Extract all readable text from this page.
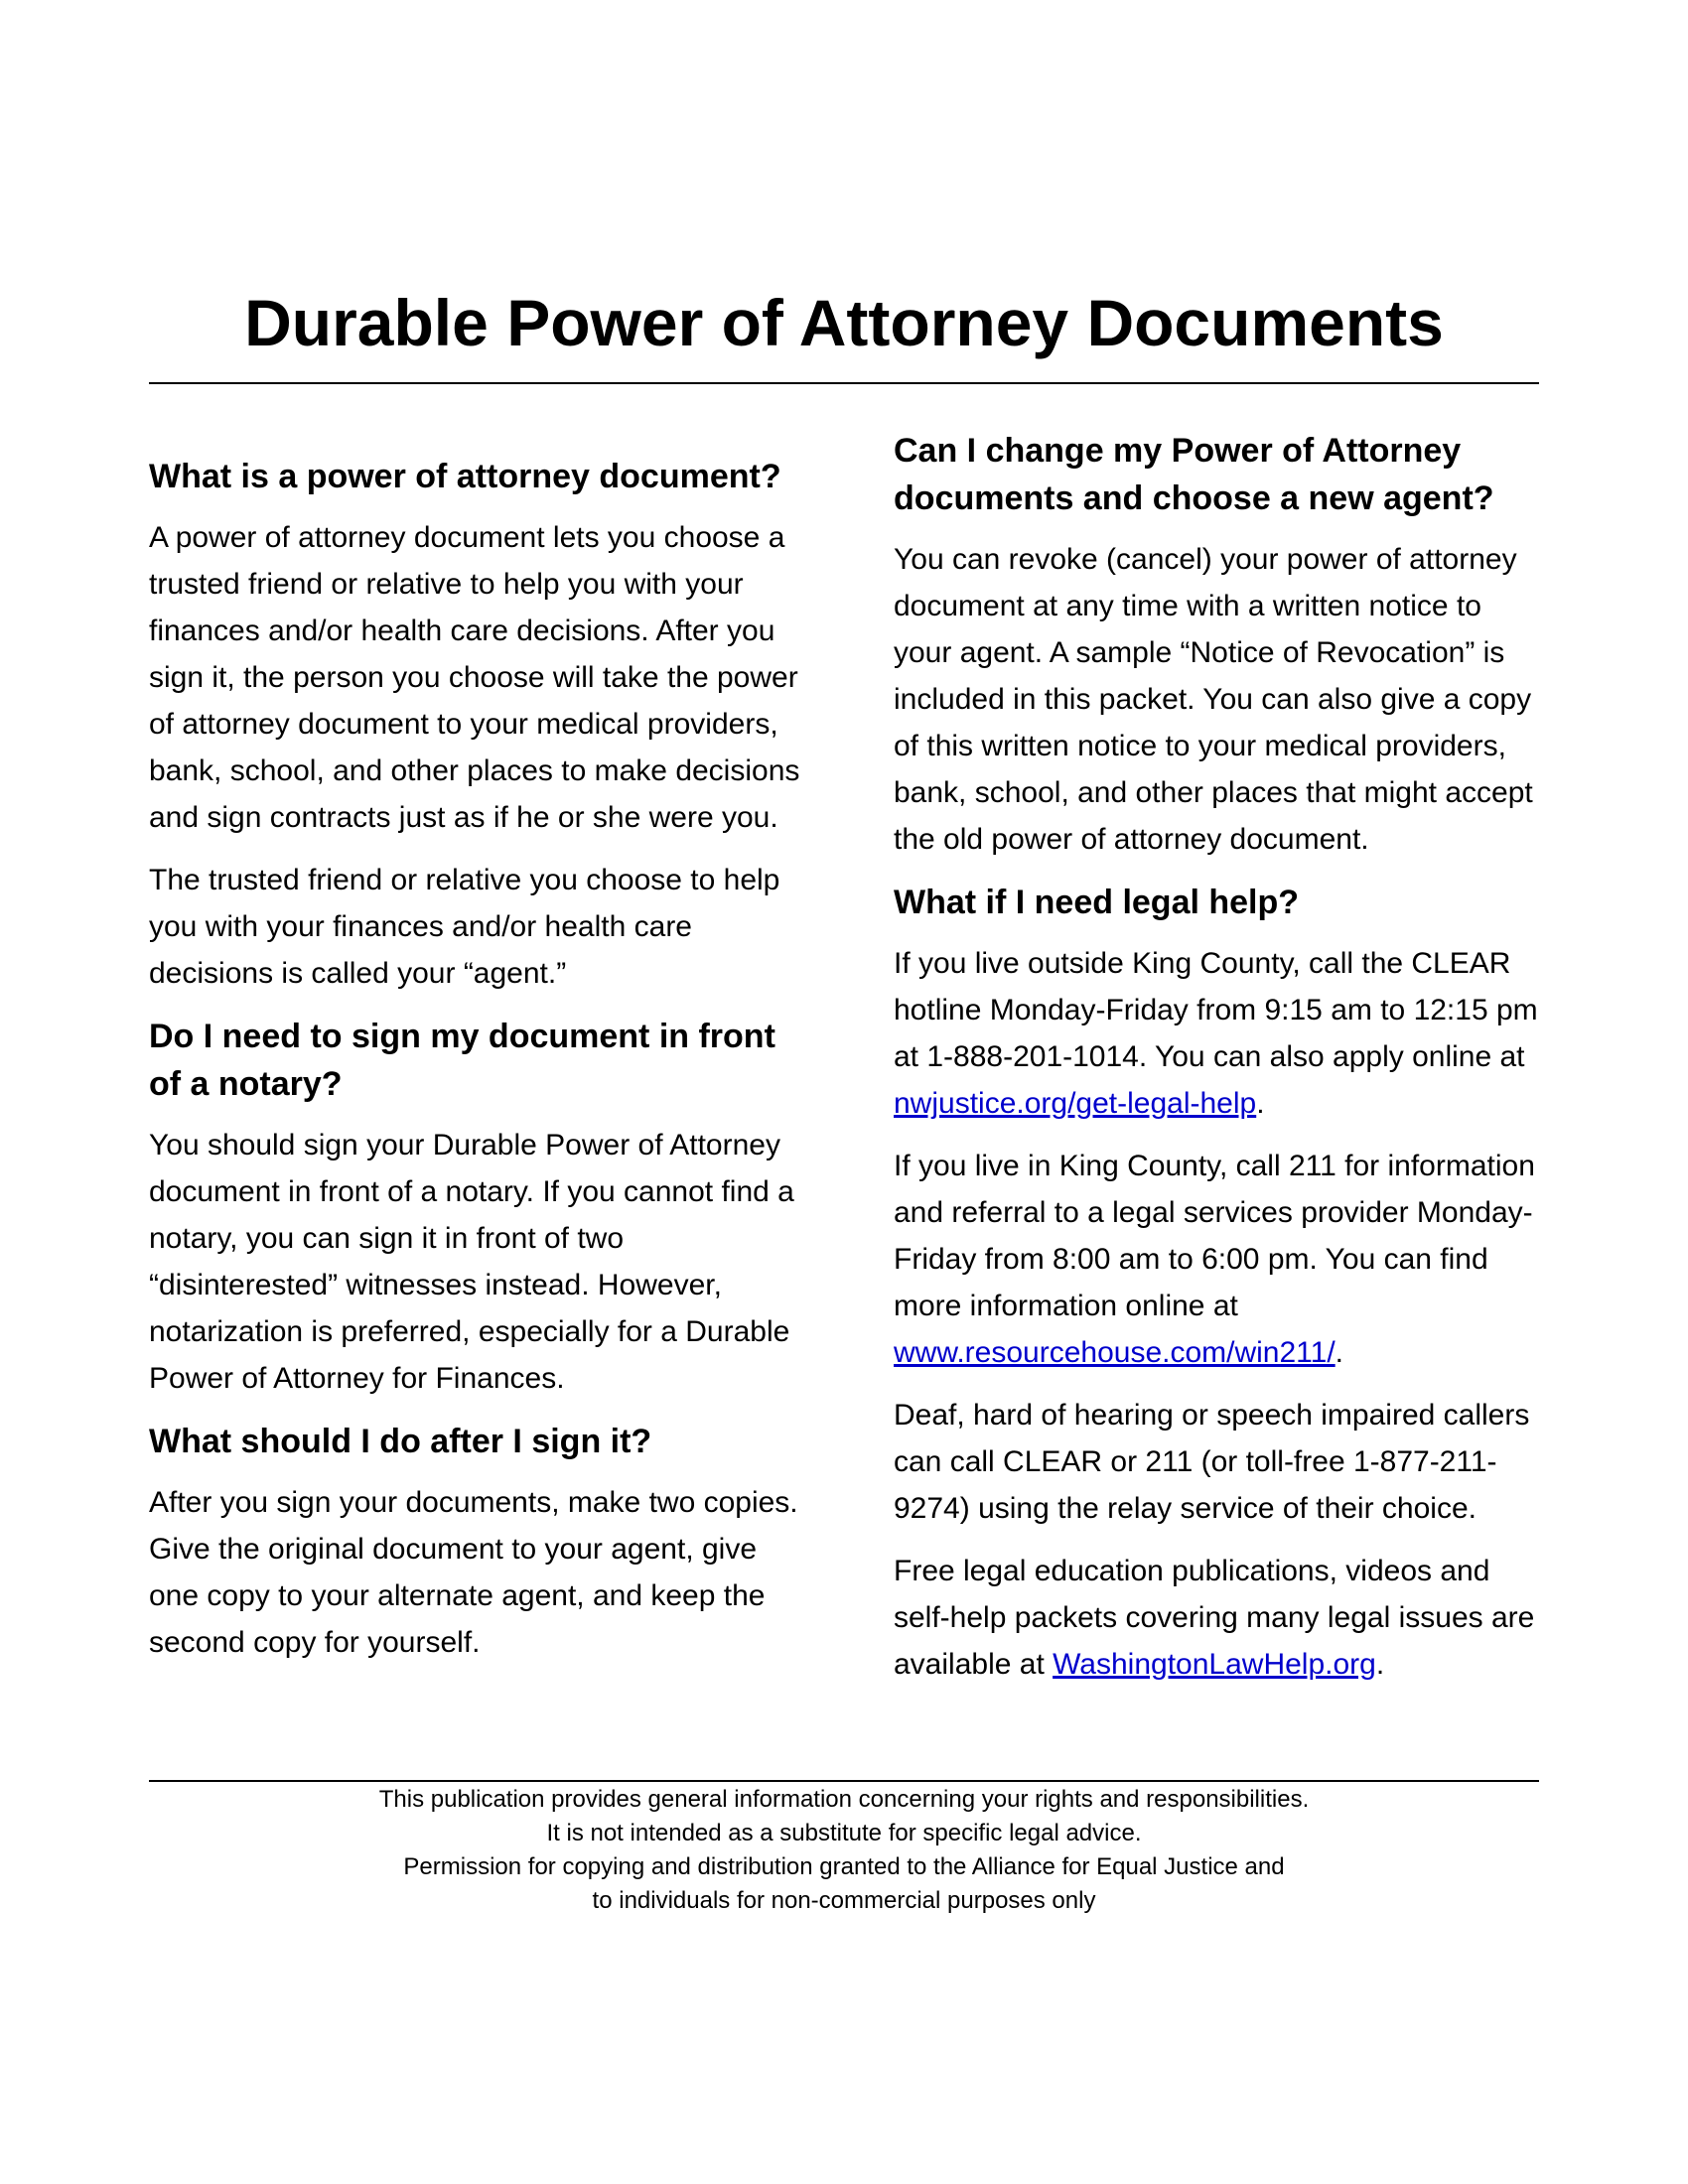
Durable Power of Attorney Documents
What is a power of attorney document?

A power of attorney document lets you choose a trusted friend or relative to help you with your finances and/or health care decisions. After you sign it, the person you choose will take the power of attorney document to your medical providers, bank, school, and other places to make decisions and sign contracts just as if he or she were you.

The trusted friend or relative you choose to help you with your finances and/or health care decisions is called your “agent.”

Do I need to sign my document in front of a notary?

You should sign your Durable Power of Attorney document in front of a notary. If you cannot find a notary, you can sign it in front of two “disinterested” witnesses instead. However, notarization is preferred, especially for a Durable Power of Attorney for Finances.

What should I do after I sign it?

After you sign your documents, make two copies. Give the original document to your agent, give one copy to your alternate agent, and keep the second copy for yourself.

Can I change my Power of Attorney documents and choose a new agent?

You can revoke (cancel) your power of attorney document at any time with a written notice to your agent. A sample “Notice of Revocation” is included in this packet. You can also give a copy of this written notice to your medical providers, bank, school, and other places that might accept the old power of attorney document.

What if I need legal help?

If you live outside King County, call the CLEAR hotline Monday-Friday from 9:15 am to 12:15 pm at 1-888-201-1014. You can also apply online at nwjustice.org/get-legal-help.

If you live in King County, call 211 for information and referral to a legal services provider Monday-Friday from 8:00 am to 6:00 pm. You can find more information online at www.resourcehouse.com/win211/.

Deaf, hard of hearing or speech impaired callers can call CLEAR or 211 (or toll-free 1-877-211-9274) using the relay service of their choice.

Free legal education publications, videos and self-help packets covering many legal issues are available at WashingtonLawHelp.org.

This publication provides general information concerning your rights and responsibilities.
It is not intended as a substitute for specific legal advice.
Permission for copying and distribution granted to the Alliance for Equal Justice and
to individuals for non-commercial purposes only
